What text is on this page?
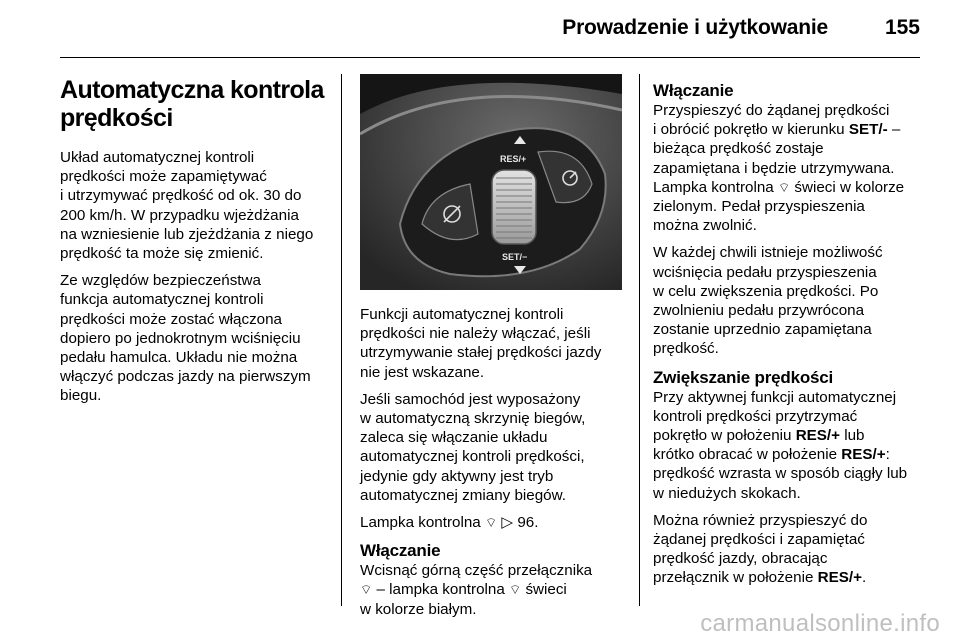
Prowadzenie i użytkowanie	155
Automatyczna kontrola
prędkości

Układ automatycznej kontroli
prędkości może zapamiętywać
i utrzymywać prędkość od ok. 30 do
200 km/h. W przypadku wjeżdżania
na wzniesienie lub zjeżdżania z niego
prędkość ta może się zmienić.

Ze względów bezpieczeństwa
funkcja automatycznej kontroli
prędkości może zostać włączona
dopiero po jednokrotnym wciśnięciu
pedału hamulca. Układu nie można
włączyć podczas jazdy na pierwszym
biegu.

RES/+
SET/−

Funkcji automatycznej kontroli
prędkości nie należy włączać, jeśli
utrzymywanie stałej prędkości jazdy
nie jest wskazane.

Jeśli samochód jest wyposażony
w automatyczną skrzynię biegów,
zaleca się włączanie układu
automatycznej kontroli prędkości,
jedynie gdy aktywny jest tryb
automatycznej zmiany biegów.

Lampka kontrolna ⌔ ▷ 96.

Włączanie

Wcisnąć górną część przełącznika
⌔ – lampka kontrolna ⌔ świeci
w kolorze białym.

Włączanie

Przyspieszyć do żądanej prędkości
i obrócić pokrętło w kierunku SET/- –
bieżąca prędkość zostaje
zapamiętana i będzie utrzymywana.
Lampka kontrolna ⌔ świeci w kolorze
zielonym. Pedał przyspieszenia
można zwolnić.

W każdej chwili istnieje możliwość
wciśnięcia pedału przyspieszenia
w celu zwiększenia prędkości. Po
zwolnieniu pedału przywrócona
zostanie uprzednio zapamiętana
prędkość.

Zwiększanie prędkości

Przy aktywnej funkcji automatycznej
kontroli prędkości przytrzymać
pokrętło w położeniu RES/+ lub
krótko obracać w położenie RES/+:
prędkość wzrasta w sposób ciągły lub
w niedużych skokach.

Można również przyspieszyć do
żądanej prędkości i zapamiętać
prędkość jazdy, obracając
przełącznik w położenie RES/+.

carmanualsonline.info
